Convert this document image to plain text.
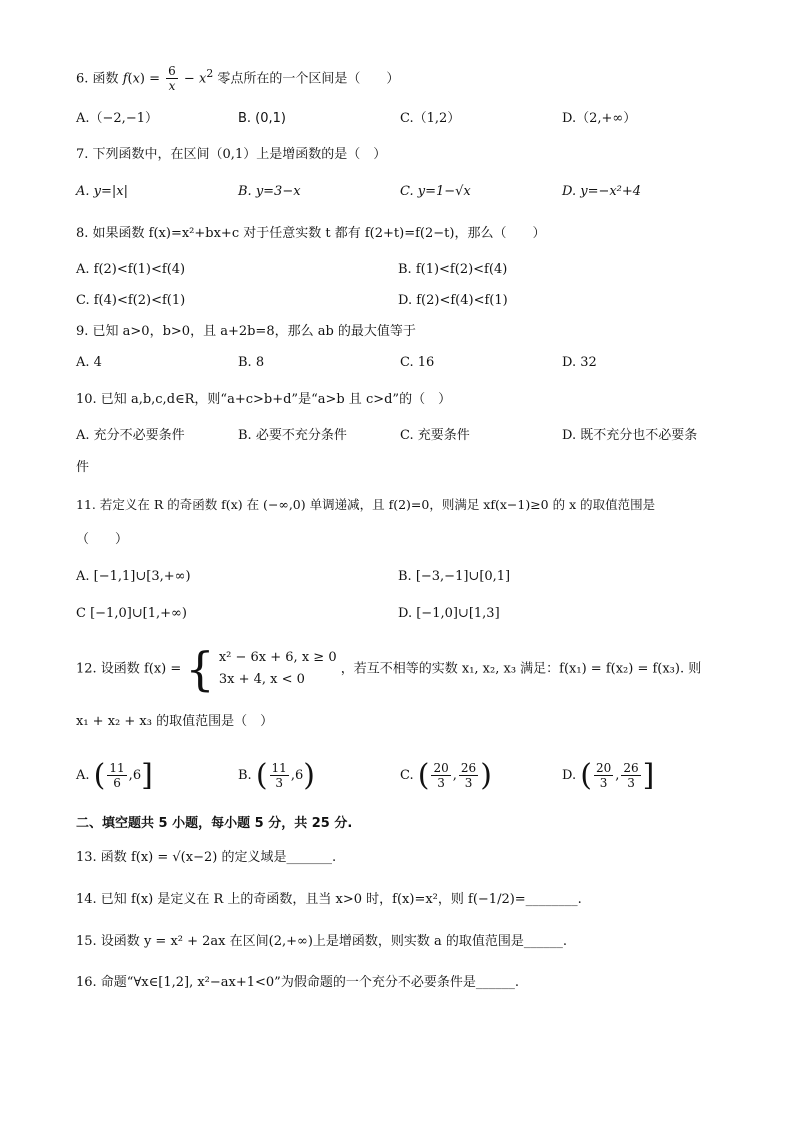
6. 函数 $f(x) = \frac{6}{x} - x^2$ 零点所在的一个区间是（　　）
A.（−2,−1）	B. (0,1)	C.（1,2）	D.（2,+∞）
7. 下列函数中，在区间（0,1）上是增函数的是（　）
A. y=|x|	B. y=3−x	C. y=1−√x	D. y=−x²+4
8. 如果函数 f(x)=x²+bx+c 对于任意实数 t 都有 f(2+t)=f(2−t)，那么（　　）
A. f(2)<f(1)<f(4)	B. f(1)<f(2)<f(4)
C. f(4)<f(2)<f(1)	D. f(2)<f(4)<f(1)
9. 已知 a>0，b>0，且 a+2b=8，那么 ab 的最大值等于
A. 4	B. 8	C. 16	D. 32
10. 已知 a,b,c,d∈R，则“a+c>b+d”是“a>b 且 c>d”的（　）
A. 充分不必要条件	B. 必要不充分条件	C. 充要条件	D. 既不充分也不必要条
件
11. 若定义在 R 的奇函数 f(x) 在 (−∞,0) 单调递减，且 f(2)=0，则满足 xf(x−1)≥0 的 x 的取值范围是
（　　）
A. [−1,1]∪[3,+∞)	B. [−3,−1]∪[0,1]
C [−1,0]∪[1,+∞)	D. [−1,0]∪[1,3]
12. 设函数 f(x) = { x² − 6x + 6, x ≥ 0
3x + 4, x < 0
，若互不相等的实数 x₁, x₂, x₃ 满足：f(x₁) = f(x₂) = f(x₃). 则
x₁ + x₂ + x₃ 的取值范围是（　）
A. ( $\frac{11}{6} ,6$]	B. ( $\frac{11}{3} ,6$)	C. ( $\frac{20}{3}$ , $\frac{26}{3}$ )	D. ( $\frac{20}{3}$ , $\frac{26}{3}$ ]
二、填空题共 5 小题，每小题 5 分，共 25 分.
13. 函数 f(x) = √(x−2) 的定义域是_______.
14. 已知 f(x) 是定义在 R 上的奇函数，且当 x>0 时，f(x)=x²，则 f(−1/2)=________.
15. 设函数 y = x² + 2ax 在区间(2,+∞)上是增函数，则实数 a 的取值范围是______.
16. 命题“∀x∈[1,2], x²−ax+1<0”为假命题的一个充分不必要条件是______.
